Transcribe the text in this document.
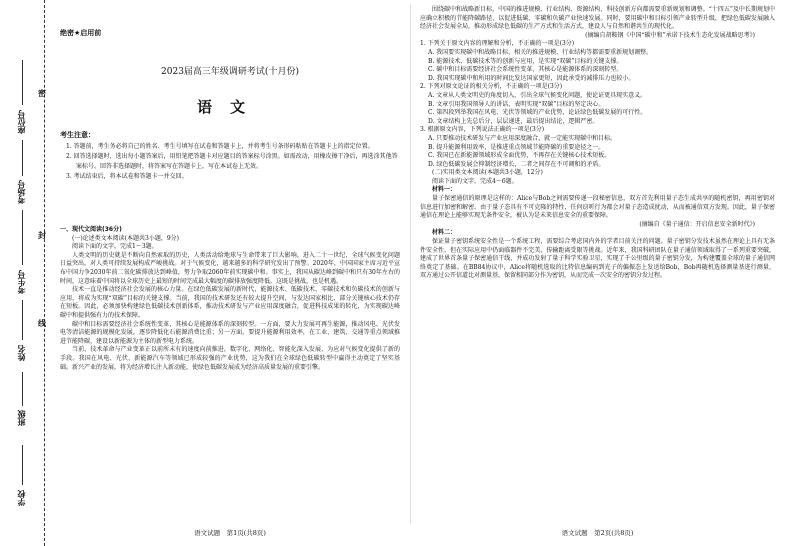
座位号
考场号
考生号
姓名
班级
学校
密
封
线
绝密★启用前
2023届高三年级调研考试(十月份)
语文
考生注意：

1. 答题前，考生务必将自己的姓名、考生号填写在试卷和答题卡上，并将考生号条形码粘贴在答题卡上的指定位置。

2. 回答选择题时，选出每小题答案后，用铅笔把答题卡对应题目的答案标号涂黑。如需改动，用橡皮擦干净后，再选涂其他答案标号。回答非选择题时，将答案写在答题卡上。写在本试卷上无效。

3. 考试结束后，将本试卷和答题卡一并交回。

一、现代文阅读(36分)

(一)论述类文本阅读(本题共3小题，9分)

阅读下面的文字，完成1～3题。

人类文明的历史就是不断向自然索取的历史，人类活动给地球与生命带来了巨大影响。进入二十一世纪，全球气候变化问题日益突出，对人类可持续发展构成严峻挑战。对于气候变化，越来越多的科学研究发出了预警。2020年，中国国家主席习近平宣布中国力争2030年前二氧化碳排放达到峰值，努力争取2060年前实现碳中和。事实上，我国从碳达峰到碳中和只有30年左右的时间，这意味着中国将以全球历史上最短的时间完成最大幅度的碳排放强度降低。这既是挑战，也是机遇。

技术一直是推动经济社会发展的核心力量。在绿色低碳发展的新时代，能源技术、低碳技术、零碳技术和负碳技术的创新与应用，将成为实现“双碳”目标的关键支撑。当前，我国的技术研发还有较大提升空间，与发达国家相比，部分关键核心技术仍存在短板。因此，必须加快构建绿色低碳技术创新体系，推动技术研发与产业应用深度融合，促进科技成果的转化，为实现碳达峰碳中和提供强有力的技术保障。

碳中和目标需要经济社会系统性变革，其核心是能源体系的深刻转型。一方面，要大力发展可再生能源，推动风电、光伏发电等清洁能源的规模化发展，逐步降低化石能源消费比重；另一方面，要提升能源利用效率，在工业、建筑、交通等重点领域推进节能降碳，建设以新能源为主体的新型电力系统。

当前，技术革命与产业变革正以前所未有的速度向前推进，数字化、网络化、智能化深入发展，为应对气候变化提供了新的手段。我国在风电、光伏、新能源汽车等领域已形成较强的产业优势，这为我们在全球绿色低碳转型中赢得主动奠定了坚实基础。新兴产业的发展，将为经济增长注入新动能，使绿色低碳发展成为经济高质量发展的重要引擎。

语文试题　第1页(共8页)

围绕碳中和战略新目标，中国的推进规模、行业结构、资源结构、科技创新方向都需要重新规划和调整。“十四五”及中长期规划中应确立积极的节能降碳路径，以促进低碳、零碳和负碳产业快速发展。同时，要用碳中和目标引领产业转型升级，把绿色低碳发展融入经济社会发展全局，推动形成绿色低碳的生产方式和生活方式，建设人与自然和谐共生的现代化。

(摘编自胡鞍钢《中国“碳中和”承诺下技术生态化发展战略思考》)

1. 下列关于原文内容的理解和分析，不正确的一项是(3分)

A. 我国要实现碳中和战略目标，相关的推进规模、行业结构等都需要重新规划调整。

B. 能源技术、低碳技术等的创新与应用，是实现“双碳”目标的关键支撑。

C. 碳中和目标需要经济社会系统性变革，其核心是能源体系的深刻转型。

D. 我国实现碳中和所用的时间比发达国家更短，因此承受的减排压力也较小。

2. 下列对原文论证的相关分析，不正确的一项是(3分)

A. 文章从人类文明史的角度切入，引出全球气候变化问题，使论证更具现实意义。

B. 文章引用我国领导人的讲话，表明实现“双碳”目标的坚定决心。

C. 第四段列举我国在风电、光伏等领域的产业优势，论证绿色低碳发展的可行性。

D. 文章结构上先总后分，层层递进，最后提出结论，逻辑严密。

3. 根据原文内容，下列说法正确的一项是(3分)

A. 只要推动技术研发与产业应用深度融合，就一定能实现碳中和目标。

B. 提升能源利用效率，是推进重点领域节能降碳的重要途径之一。

C. 我国已在新能源领域形成全面优势，不再存在关键核心技术短板。

D. 绿色低碳发展会抑制经济增长，二者之间存在不可调和的矛盾。

(二)实用类文本阅读(本题共3小题，12分)

阅读下面的文字，完成4～6题。

材料一：

量子保密通信的原理是这样的：Alice与Bob之间需要传递一段秘密信息，双方首先利用量子态生成共享的随机密钥，再用密钥对信息进行加密和解密。由于量子态具有不可克隆的特性，任何窃听行为都会对量子态造成扰动，从而被通信双方发现。因此，量子保密通信在理论上能够实现无条件安全，被认为是未来信息安全的重要保障。

(摘编自《量子通信：开启信息安全新时代》)

材料二：

保证量子密钥系统安全性是一个系统工程，需要综合考虑国内外的学者目前关注的问题。量子密钥分发技术虽然在理论上具有无条件安全性，但在实际应用中仍面临器件不完美、传输距离受限等挑战。近年来，我国科研团队在量子通信领域取得了一系列重要突破，建成了世界首条量子保密通信干线，并成功发射了量子科学实验卫星，实现了千公里级的量子密钥分发，为构建覆盖全球的量子通信网络奠定了基础。在BB84协议中，Alice将随机选取的比特信息编码到光子的偏振态上发送给Bob，Bob再随机选择测量基进行测量，双方通过公开信道比对测量基，保留相同部分作为密钥，从而完成一次安全的密钥分发过程。

语文试题　第2页(共8页)
